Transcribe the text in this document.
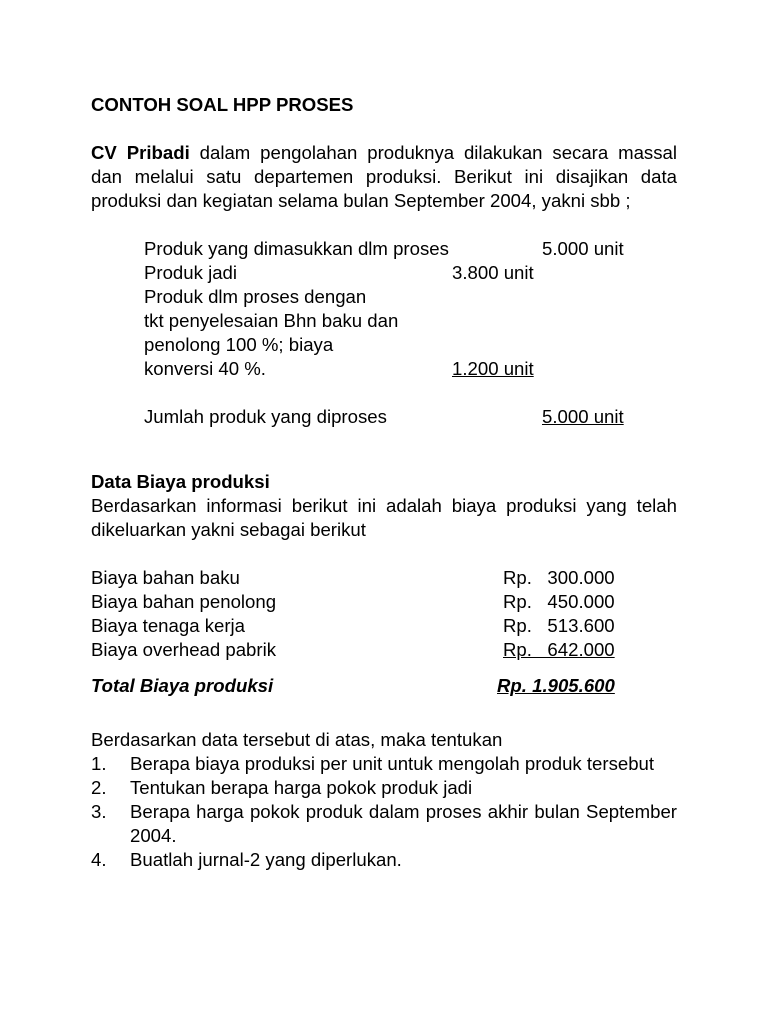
CONTOH SOAL HPP PROSES

CV Pribadi dalam pengolahan produknya dilakukan secara massal dan melalui satu departemen produksi. Berikut ini disajikan data produksi dan kegiatan selama bulan September 2004, yakni sbb ;

Produk yang dimasukkan dlm proses	5.000 unit
Produk jadi	3.800 unit
Produk dlm proses dengan
tkt penyelesaian Bhn baku dan
penolong 100 %; biaya
konversi 40 %.	1.200 unit
Jumlah produk yang diproses	5.000 unit

Data Biaya produksi

Berdasarkan informasi berikut ini adalah biaya produksi yang telah dikeluarkan yakni sebagai berikut

Biaya bahan baku	Rp.   300.000
Biaya bahan penolong	Rp.   450.000
Biaya tenaga kerja	Rp.   513.600
Biaya overhead pabrik	Rp.   642.000
Total Biaya produksi	Rp. 1.905.600

Berdasarkan data tersebut di atas, maka tentukan

1. Berapa biaya produksi per unit untuk mengolah produk tersebut
2. Tentukan berapa harga pokok produk jadi
3. Berapa harga pokok produk dalam proses akhir bulan September 2004.
4. Buatlah jurnal-2 yang diperlukan.
